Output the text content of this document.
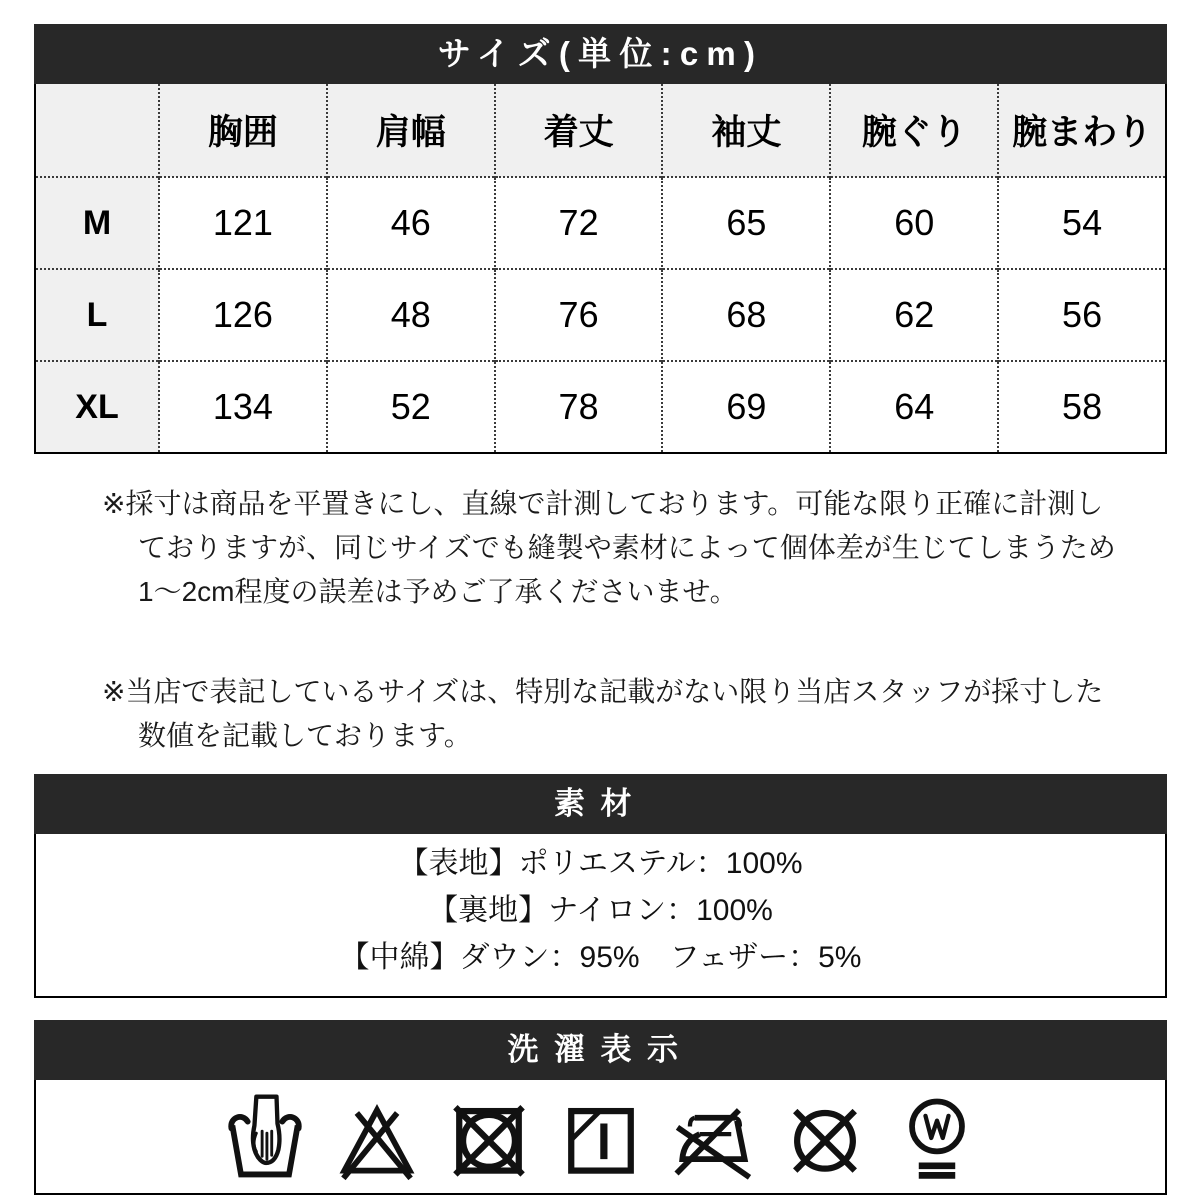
サイズ(単位:cm)
	胸囲	肩幅	着丈	袖丈	腕ぐり	腕まわり
M	121	46	72	65	60	54
L	126	48	76	68	62	56
XL	134	52	78	69	64	58
※採寸は商品を平置きにし、直線で計測しております。可能な限り正確に計測し
ておりますが、同じサイズでも縫製や素材によって個体差が生じてしまうため
1〜2cm程度の誤差は予めご了承くださいませ。
※当店で表記しているサイズは、特別な記載がない限り当店スタッフが採寸した
数値を記載しております。
素材
【表地】ポリエステル：100%
【裏地】ナイロン：100%
【中綿】ダウン：95%　フェザー：5%
洗濯表示
